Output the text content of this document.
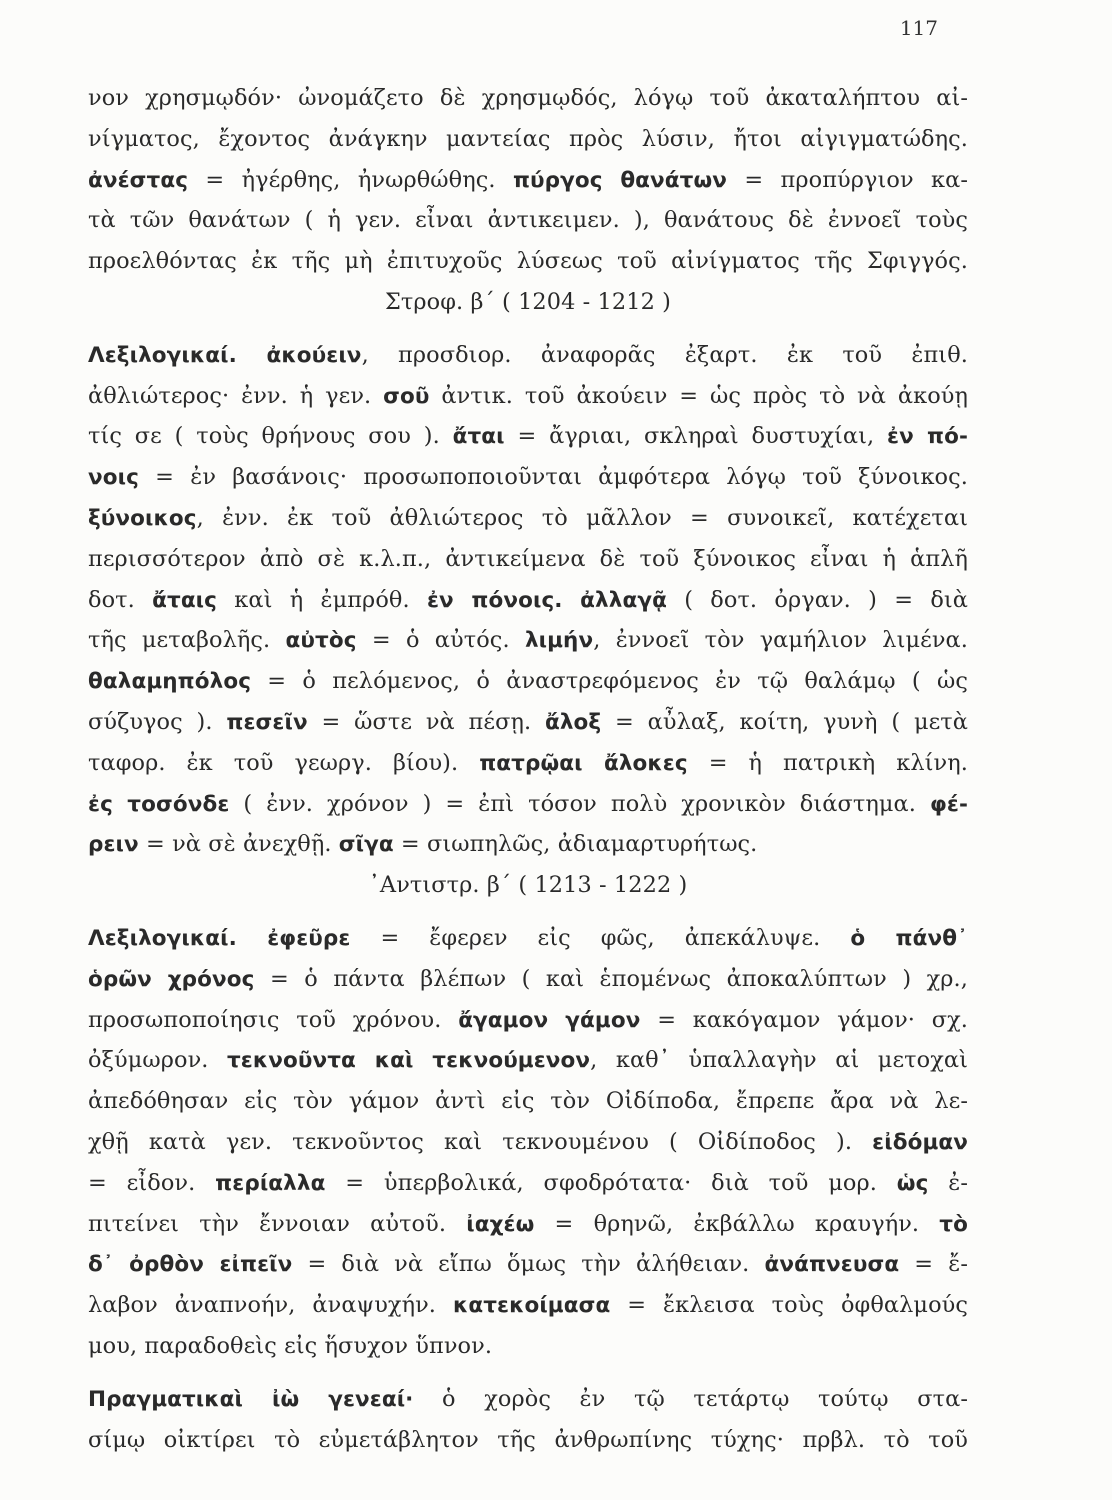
117
νον χρησμῳδόν· ὠνομάζετο δὲ χρησμῳδός, λόγῳ τοῦ ἀκαταλήπτου αἰ-
νίγματος, ἔχοντος ἀνάγκην μαντείας πρὸς λύσιν, ἤτοι αἰγιγματώδης.
ἀνέστας = ἠγέρθης, ἠνωρθώθης. πύργος θανάτων = προπύργιον κα-
τὰ τῶν θανάτων ( ἡ γεν. εἶναι ἀντικειμεν. ), θανάτους δὲ ἐννοεῖ τοὺς
προελθόντας ἐκ τῆς μὴ ἐπιτυχοῦς λύσεως τοῦ αἰνίγματος τῆς Σφιγγός.
Στροφ. β΄ ( 1204 - 1212 )
Λεξιλογικαί. ἀκούειν, προσδιορ. ἀναφορᾶς ἐξαρτ. ἐκ τοῦ ἐπιθ.
ἀθλιώτερος· ἐνν. ἡ γεν. σοῦ ἀντικ. τοῦ ἀκούειν = ὡς πρὸς τὸ νὰ ἀκούῃ
τίς σε ( τοὺς θρήνους σου ). ἄται = ἄγριαι, σκληραὶ δυστυχίαι, ἐν πό-
νοις = ἐν βασάνοις· προσωποποιοῦνται ἀμφότερα λόγῳ τοῦ ξύνοικος.
ξύνοικος, ἐνν. ἐκ τοῦ ἀθλιώτερος τὸ μᾶλλον = συνοικεῖ, κατέχεται
περισσότερον ἀπὸ σὲ κ.λ.π., ἀντικείμενα δὲ τοῦ ξύνοικος εἶναι ἡ ἁπλῆ
δοτ. ἄταις καὶ ἡ ἐμπρόθ. ἐν πόνοις. ἀλλαγᾷ ( δοτ. ὀργαν. ) = διὰ
τῆς μεταβολῆς. αὐτὸς = ὁ αὐτός. λιμήν, ἐννοεῖ τὸν γαμήλιον λιμένα.
θαλαμηπόλος = ὁ πελόμενος, ὁ ἀναστρεφόμενος ἐν τῷ θαλάμῳ ( ὡς
σύζυγος ). πεσεῖν = ὥστε νὰ πέσῃ. ἄλοξ = αὖλαξ, κοίτη, γυνὴ ( μετὰ
ταφορ. ἐκ τοῦ γεωργ. βίου). πατρῷαι ἄλοκες = ἡ πατρικὴ κλίνη.
ἐς τοσόνδε ( ἐνν. χρόνον ) = ἐπὶ τόσον πολὺ χρονικὸν διάστημα. φέ-
ρειν = νὰ σὲ ἀνεχθῇ. σῖγα = σιωπηλῶς, ἀδιαμαρτυρήτως.
᾿Αντιστρ. β΄ ( 1213 - 1222 )
Λεξιλογικαί. ἐφεῦρε = ἔφερεν εἰς φῶς, ἀπεκάλυψε. ὁ πάνθ᾿
ὁρῶν χρόνος = ὁ πάντα βλέπων ( καὶ ἑπομένως ἀποκαλύπτων ) χρ.,
προσωποποίησις τοῦ χρόνου. ἄγαμον γάμον = κακόγαμον γάμον· σχ.
ὀξύμωρον. τεκνοῦντα καὶ τεκνούμενον, καθ᾿ ὑπαλλαγὴν αἱ μετοχαὶ
ἀπεδόθησαν εἰς τὸν γάμον ἀντὶ εἰς τὸν Οἰδίποδα, ἔπρεπε ἄρα νὰ λε-
χθῇ κατὰ γεν. τεκνοῦντος καὶ τεκνουμένου ( Οἰδίποδος ). εἰδόμαν
= εἶδον. περίαλλα = ὑπερβολικά, σφοδρότατα· διὰ τοῦ μορ. ὡς ἐ-
πιτείνει τὴν ἔννοιαν αὐτοῦ. ἰαχέω = θρηνῶ, ἐκβάλλω κραυγήν. τὸ
δ᾿ ὀρθὸν εἰπεῖν = διὰ νὰ εἴπω ὅμως τὴν ἀλήθειαν. ἀνάπνευσα = ἔ-
λαβον ἀναπνοήν, ἀναψυχήν. κατεκοίμασα = ἔκλεισα τοὺς ὀφθαλμούς
μου, παραδοθεὶς εἰς ἥσυχον ὕπνον.
Πραγματικαὶ ἰὼ γενεαί· ὁ χορὸς ἐν τῷ τετάρτῳ τούτῳ στα-
σίμῳ οἰκτίρει τὸ εὐμετάβλητον τῆς ἀνθρωπίνης τύχης· πρβλ. τὸ τοῦ
